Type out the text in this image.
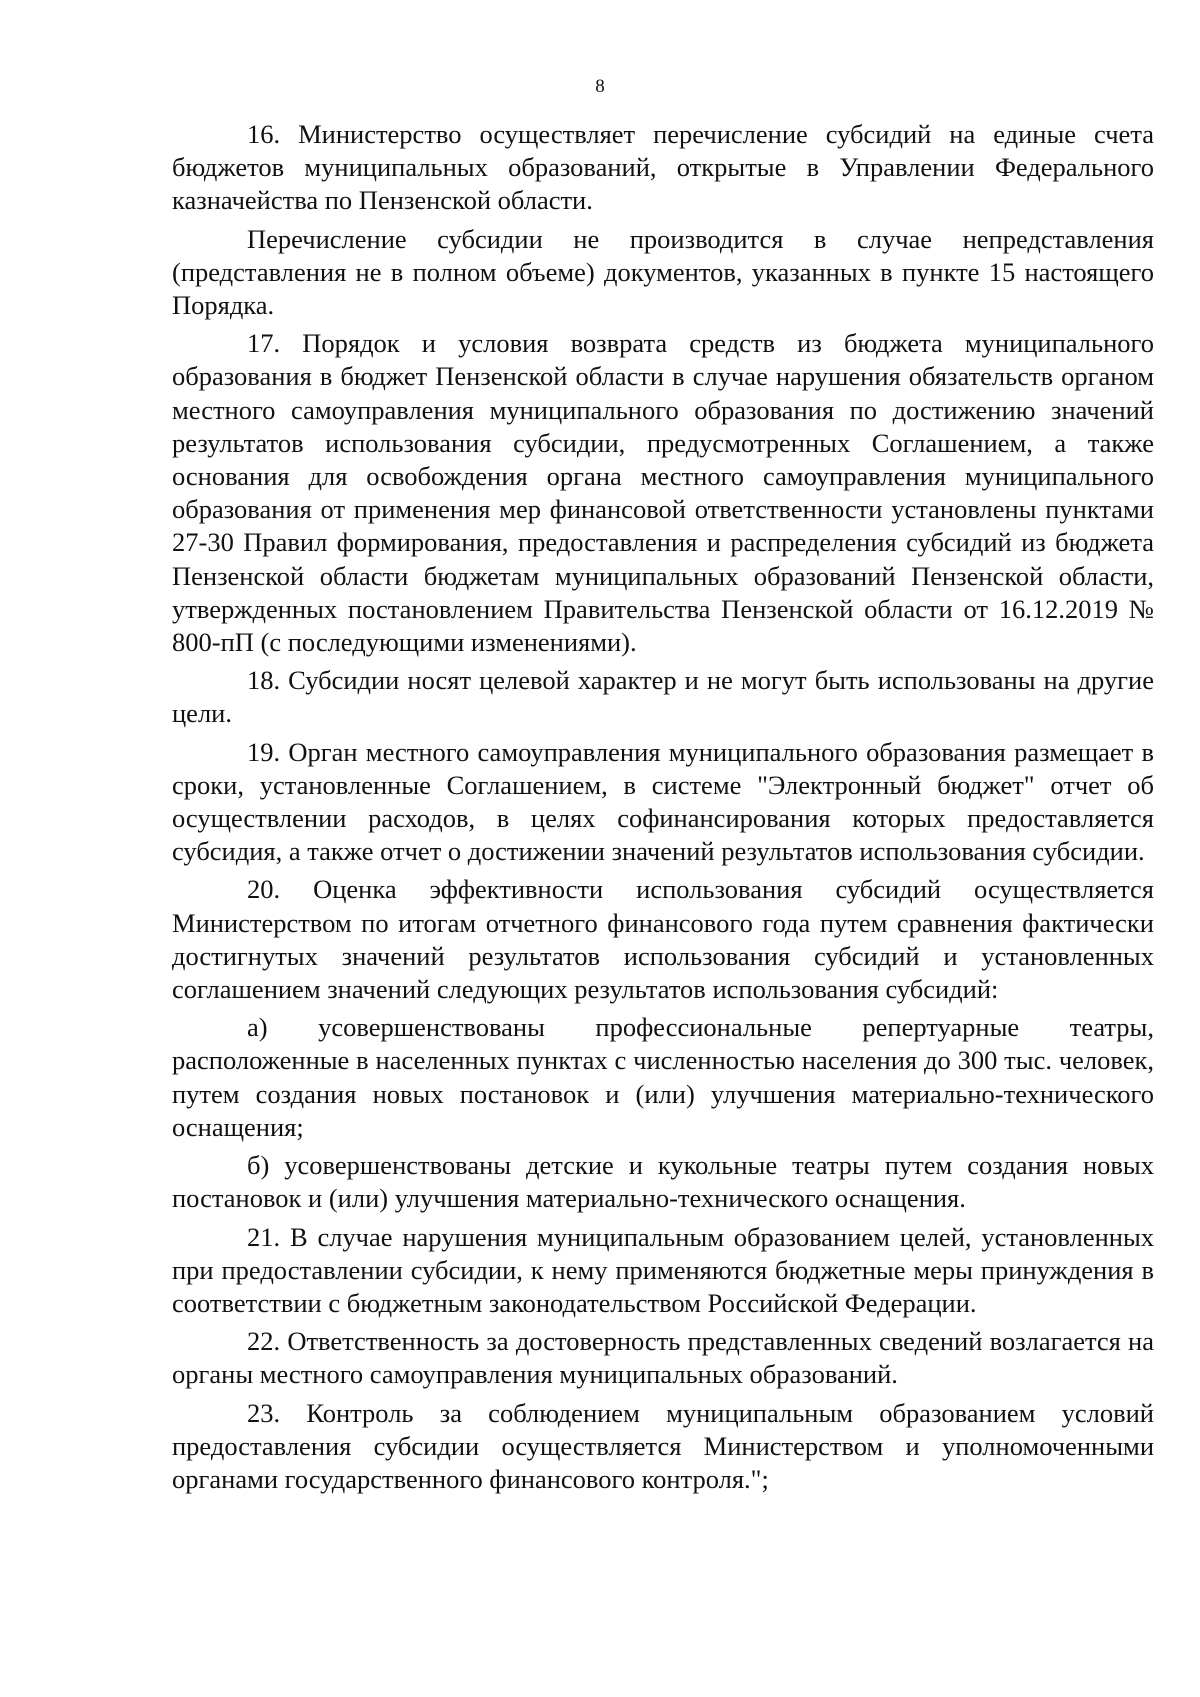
8

16. Министерство осуществляет перечисление субсидий на единые счета бюджетов муниципальных образований, открытые в Управлении Федерального казначейства по Пензенской области.

Перечисление субсидии не производится в случае непредставления (представления не в полном объеме) документов, указанных в пункте 15 настоящего Порядка.

17. Порядок и условия возврата средств из бюджета муниципального образования в бюджет Пензенской области в случае нарушения обязательств органом местного самоуправления муниципального образования по достижению значений результатов использования субсидии, предусмотренных Соглашением, а также основания для освобождения органа местного самоуправления муниципального образования от применения мер финансовой ответственности установлены пунктами 27-30 Правил формирования, предоставления и распределения субсидий из бюджета Пензенской области бюджетам муниципальных образований Пензенской области, утвержденных постановлением Правительства Пензенской области от 16.12.2019 № 800-пП (с последующими изменениями).

18. Субсидии носят целевой характер и не могут быть использованы на другие цели.

19. Орган местного самоуправления муниципального образования размещает в сроки, установленные Соглашением, в системе "Электронный бюджет" отчет об осуществлении расходов, в целях софинансирования которых предоставляется субсидия, а также отчет о достижении значений результатов использования субсидии.

20. Оценка эффективности использования субсидий осуществляется Министерством по итогам отчетного финансового года путем сравнения фактически достигнутых значений результатов использования субсидий и установленных соглашением значений следующих результатов использования субсидий:

а) усовершенствованы профессиональные репертуарные театры, расположенные в населенных пунктах с численностью населения до 300 тыс. человек, путем создания новых постановок и (или) улучшения материально-технического оснащения;

б) усовершенствованы детские и кукольные театры путем создания новых постановок и (или) улучшения материально-технического оснащения.

21. В случае нарушения муниципальным образованием целей, установленных при предоставлении субсидии, к нему применяются бюджетные меры принуждения в соответствии с бюджетным законодательством Российской Федерации.

22. Ответственность за достоверность представленных сведений возлагается на органы местного самоуправления муниципальных образований.

23. Контроль за соблюдением муниципальным образованием условий предоставления субсидии осуществляется Министерством и уполномоченными органами государственного финансового контроля.";
